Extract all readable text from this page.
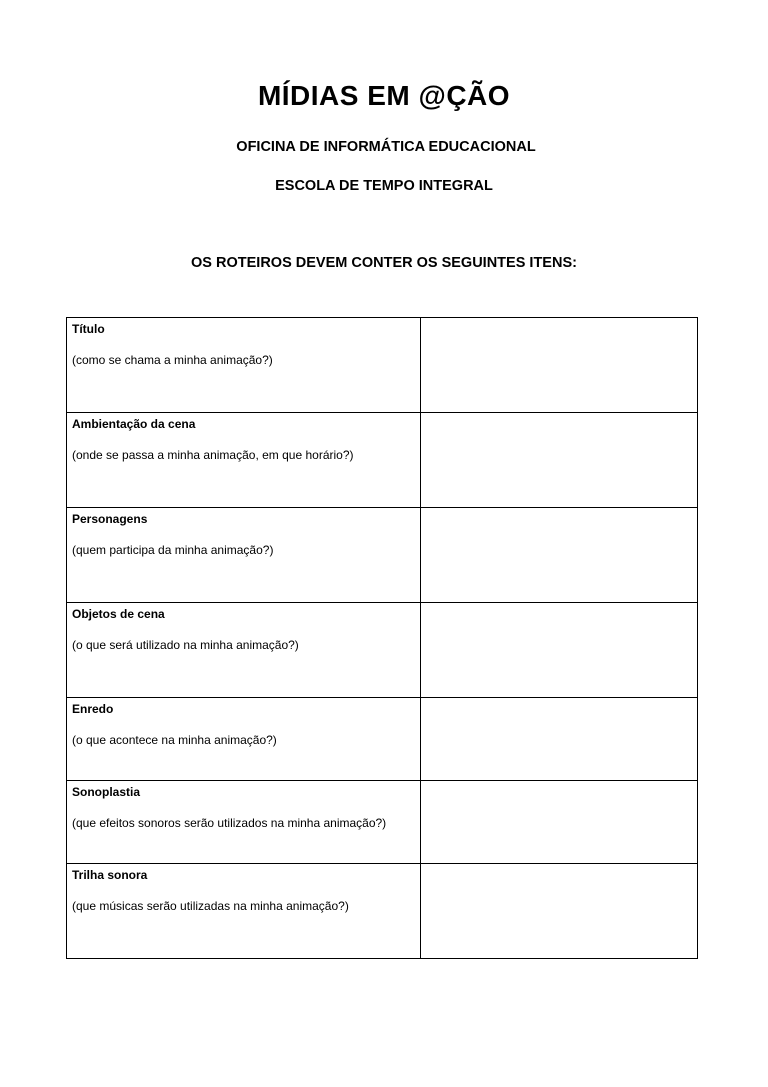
MÍDIAS EM @ÇÃO
OFICINA DE INFORMÁTICA EDUCACIONAL
ESCOLA DE TEMPO INTEGRAL
OS ROTEIROS DEVEM CONTER OS SEGUINTES ITENS:
Título
(como se chama a minha animação?)	

Ambientação da cena
(onde se passa a minha animação, em que horário?)	

Personagens
(quem participa da minha animação?)	

Objetos de cena
(o que será utilizado na minha animação?)	

Enredo
(o que acontece na minha animação?)	

Sonoplastia
(que efeitos sonoros serão utilizados na minha animação?)	

Trilha sonora
(que músicas serão utilizadas na minha animação?)	
